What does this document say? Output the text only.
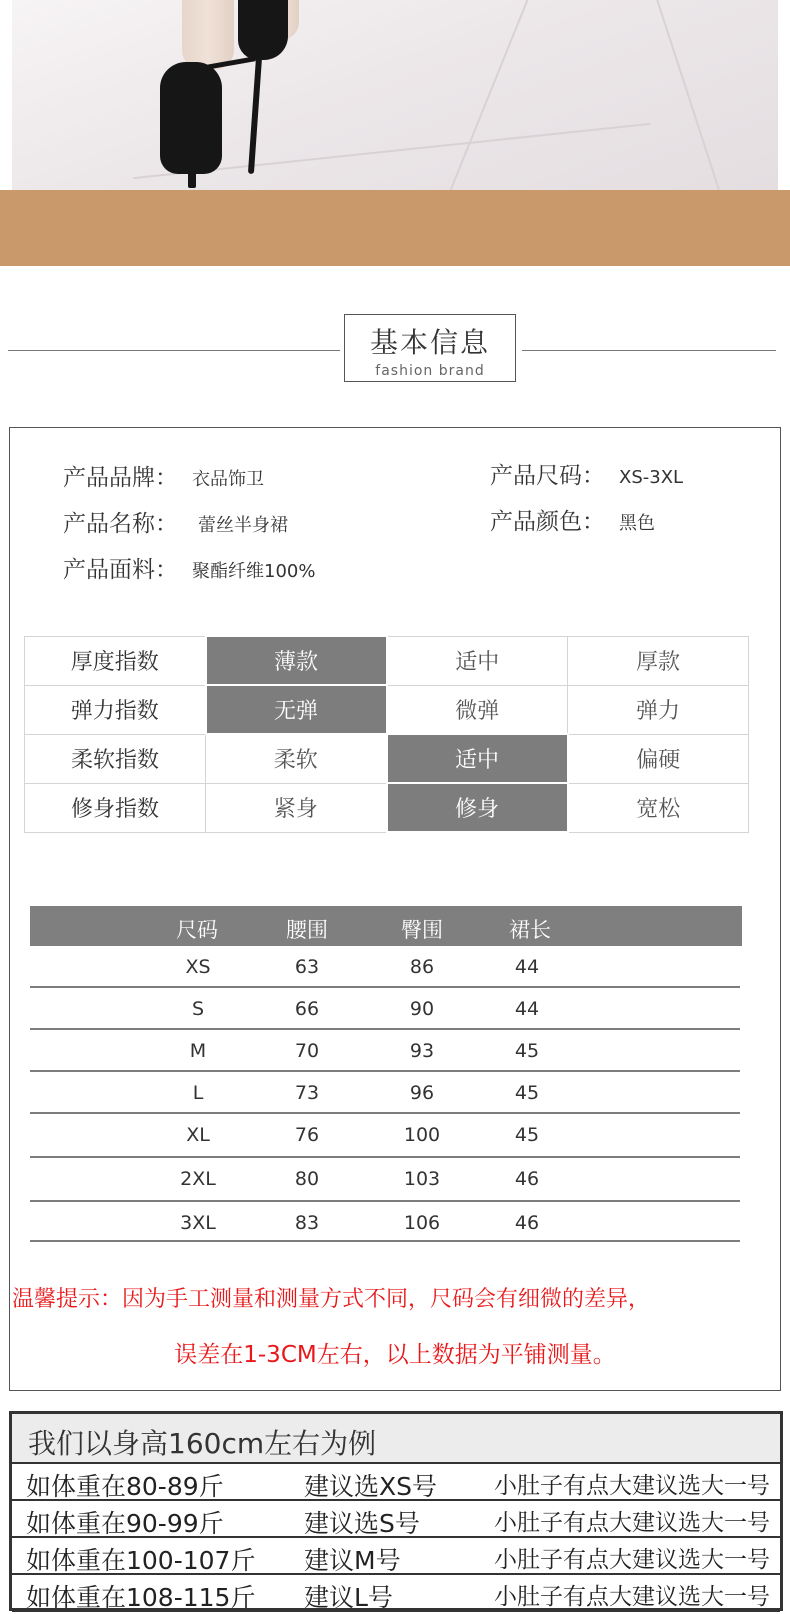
基本信息
fashion brand
产品品牌： 衣品饰卫
产品名称： 蕾丝半身裙
产品面料： 聚酯纤维100%
产品尺码： XS-3XL
产品颜色： 黑色
厚度指数	薄款	适中	厚款
弹力指数	无弹	微弹	弹力
柔软指数	柔软	适中	偏硬
修身指数	紧身	修身	宽松
尺码	腰围	臀围	裙长
XS	63	86	44
S	66	90	44
M	70	93	45
L	73	96	45
XL	76	100	45
2XL	80	103	46
3XL	83	106	46
温馨提示：因为手工测量和测量方式不同，尺码会有细微的差异，
误差在1-3CM左右，以上数据为平铺测量。
我们以身高160cm左右为例
如体重在80-89斤	建议选XS号 小肚子有点大建议选大一号
如体重在90-99斤	建议选S号	小肚子有点大建议选大一号
如体重在100-107斤 建议M号	小肚子有点大建议选大一号
如体重在108-115斤 建议L号	小肚子有点大建议选大一号
